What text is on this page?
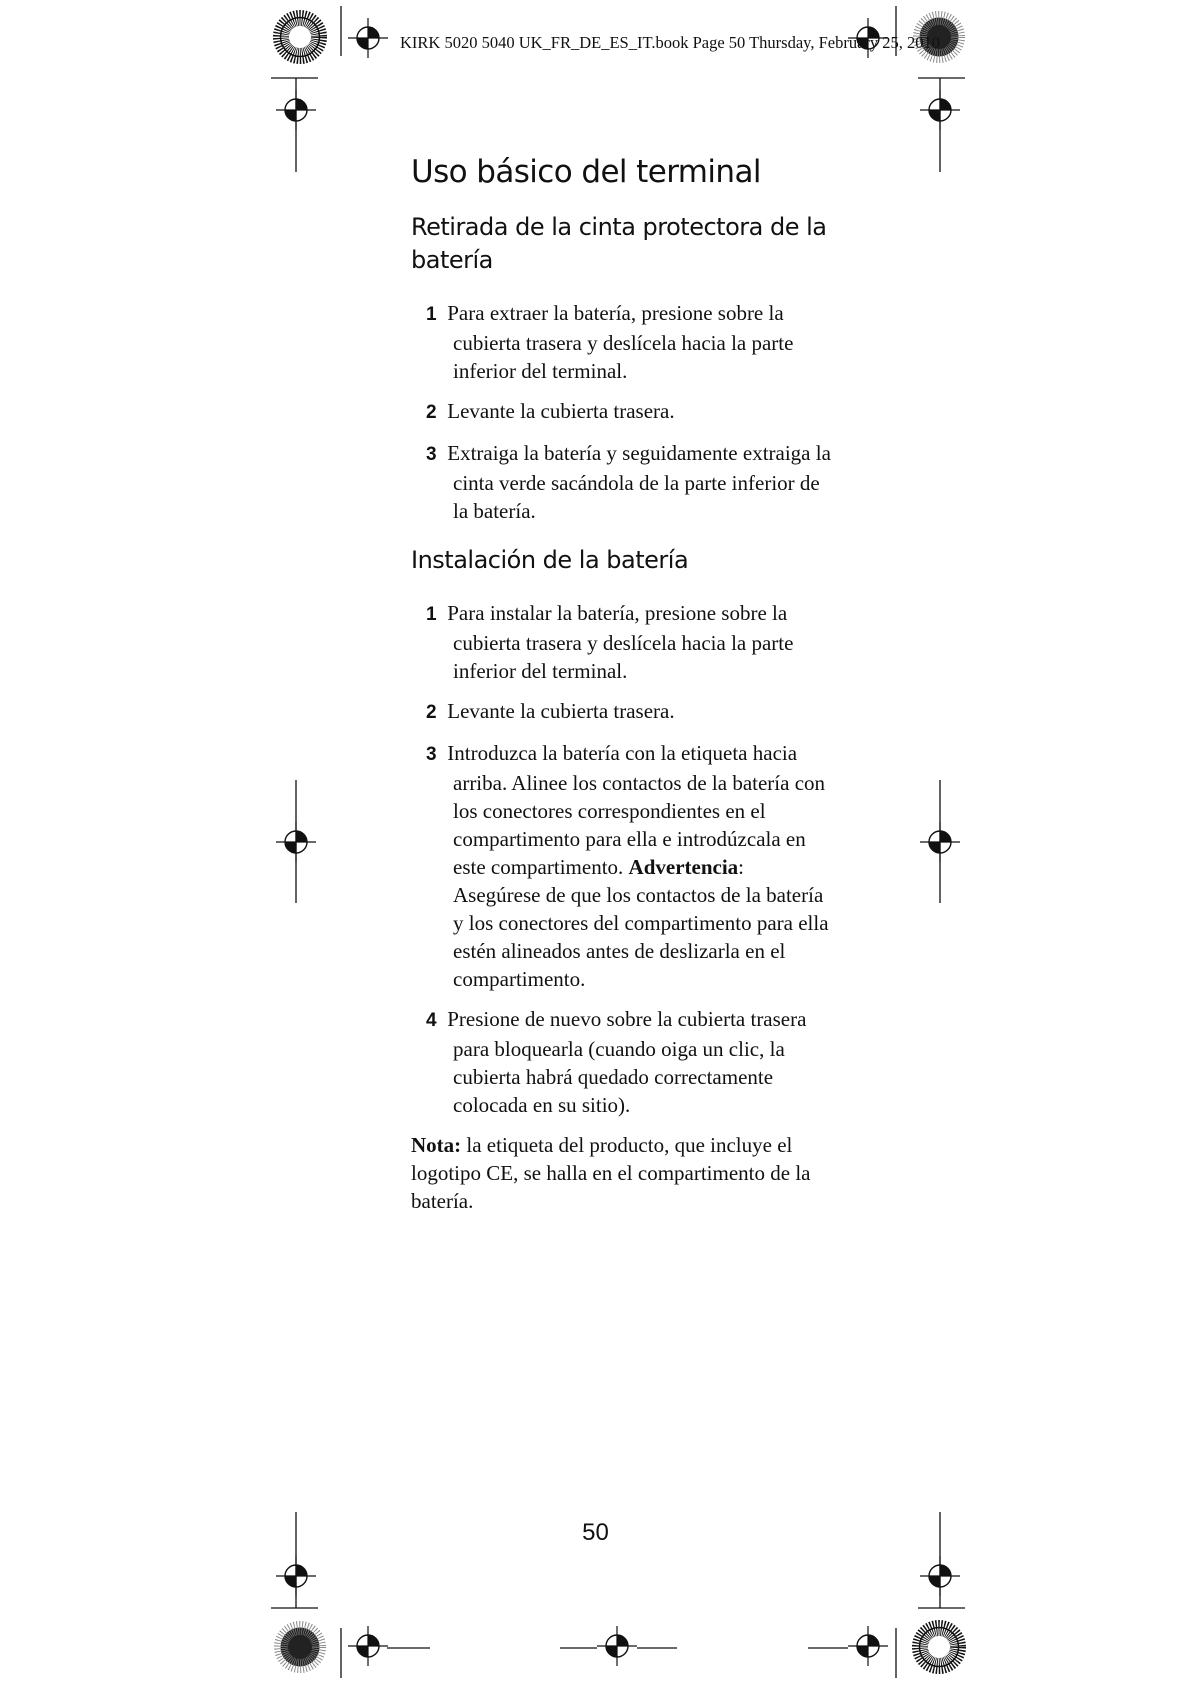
KIRK 5020 5040 UK_FR_DE_ES_IT.book Page 50 Thursday, February 25, 2010
Uso básico del terminal
Retirada de la cinta protectora de la batería
1 Para extraer la batería, presione sobre la cubierta trasera y deslícela hacia la parte inferior del terminal.
2 Levante la cubierta trasera.
3 Extraiga la batería y seguidamente extraiga la cinta verde sacándola de la parte inferior de la batería.
Instalación de la batería
1 Para instalar la batería, presione sobre la cubierta trasera y deslícela hacia la parte inferior del terminal.
2 Levante la cubierta trasera.
3 Introduzca la batería con la etiqueta hacia arriba. Alinee los contactos de la batería con los conectores correspondientes en el compartimento para ella e introdúzcala en este compartimento. Advertencia: Asegúrese de que los contactos de la batería y los conectores del compartimento para ella estén alineados antes de deslizarla en el compartimento.
4 Presione de nuevo sobre la cubierta trasera para bloquearla (cuando oiga un clic, la cubierta habrá quedado correctamente colocada en su sitio).

Nota: la etiqueta del producto, que incluye el logotipo CE, se halla en el compartimento de la batería.

50
